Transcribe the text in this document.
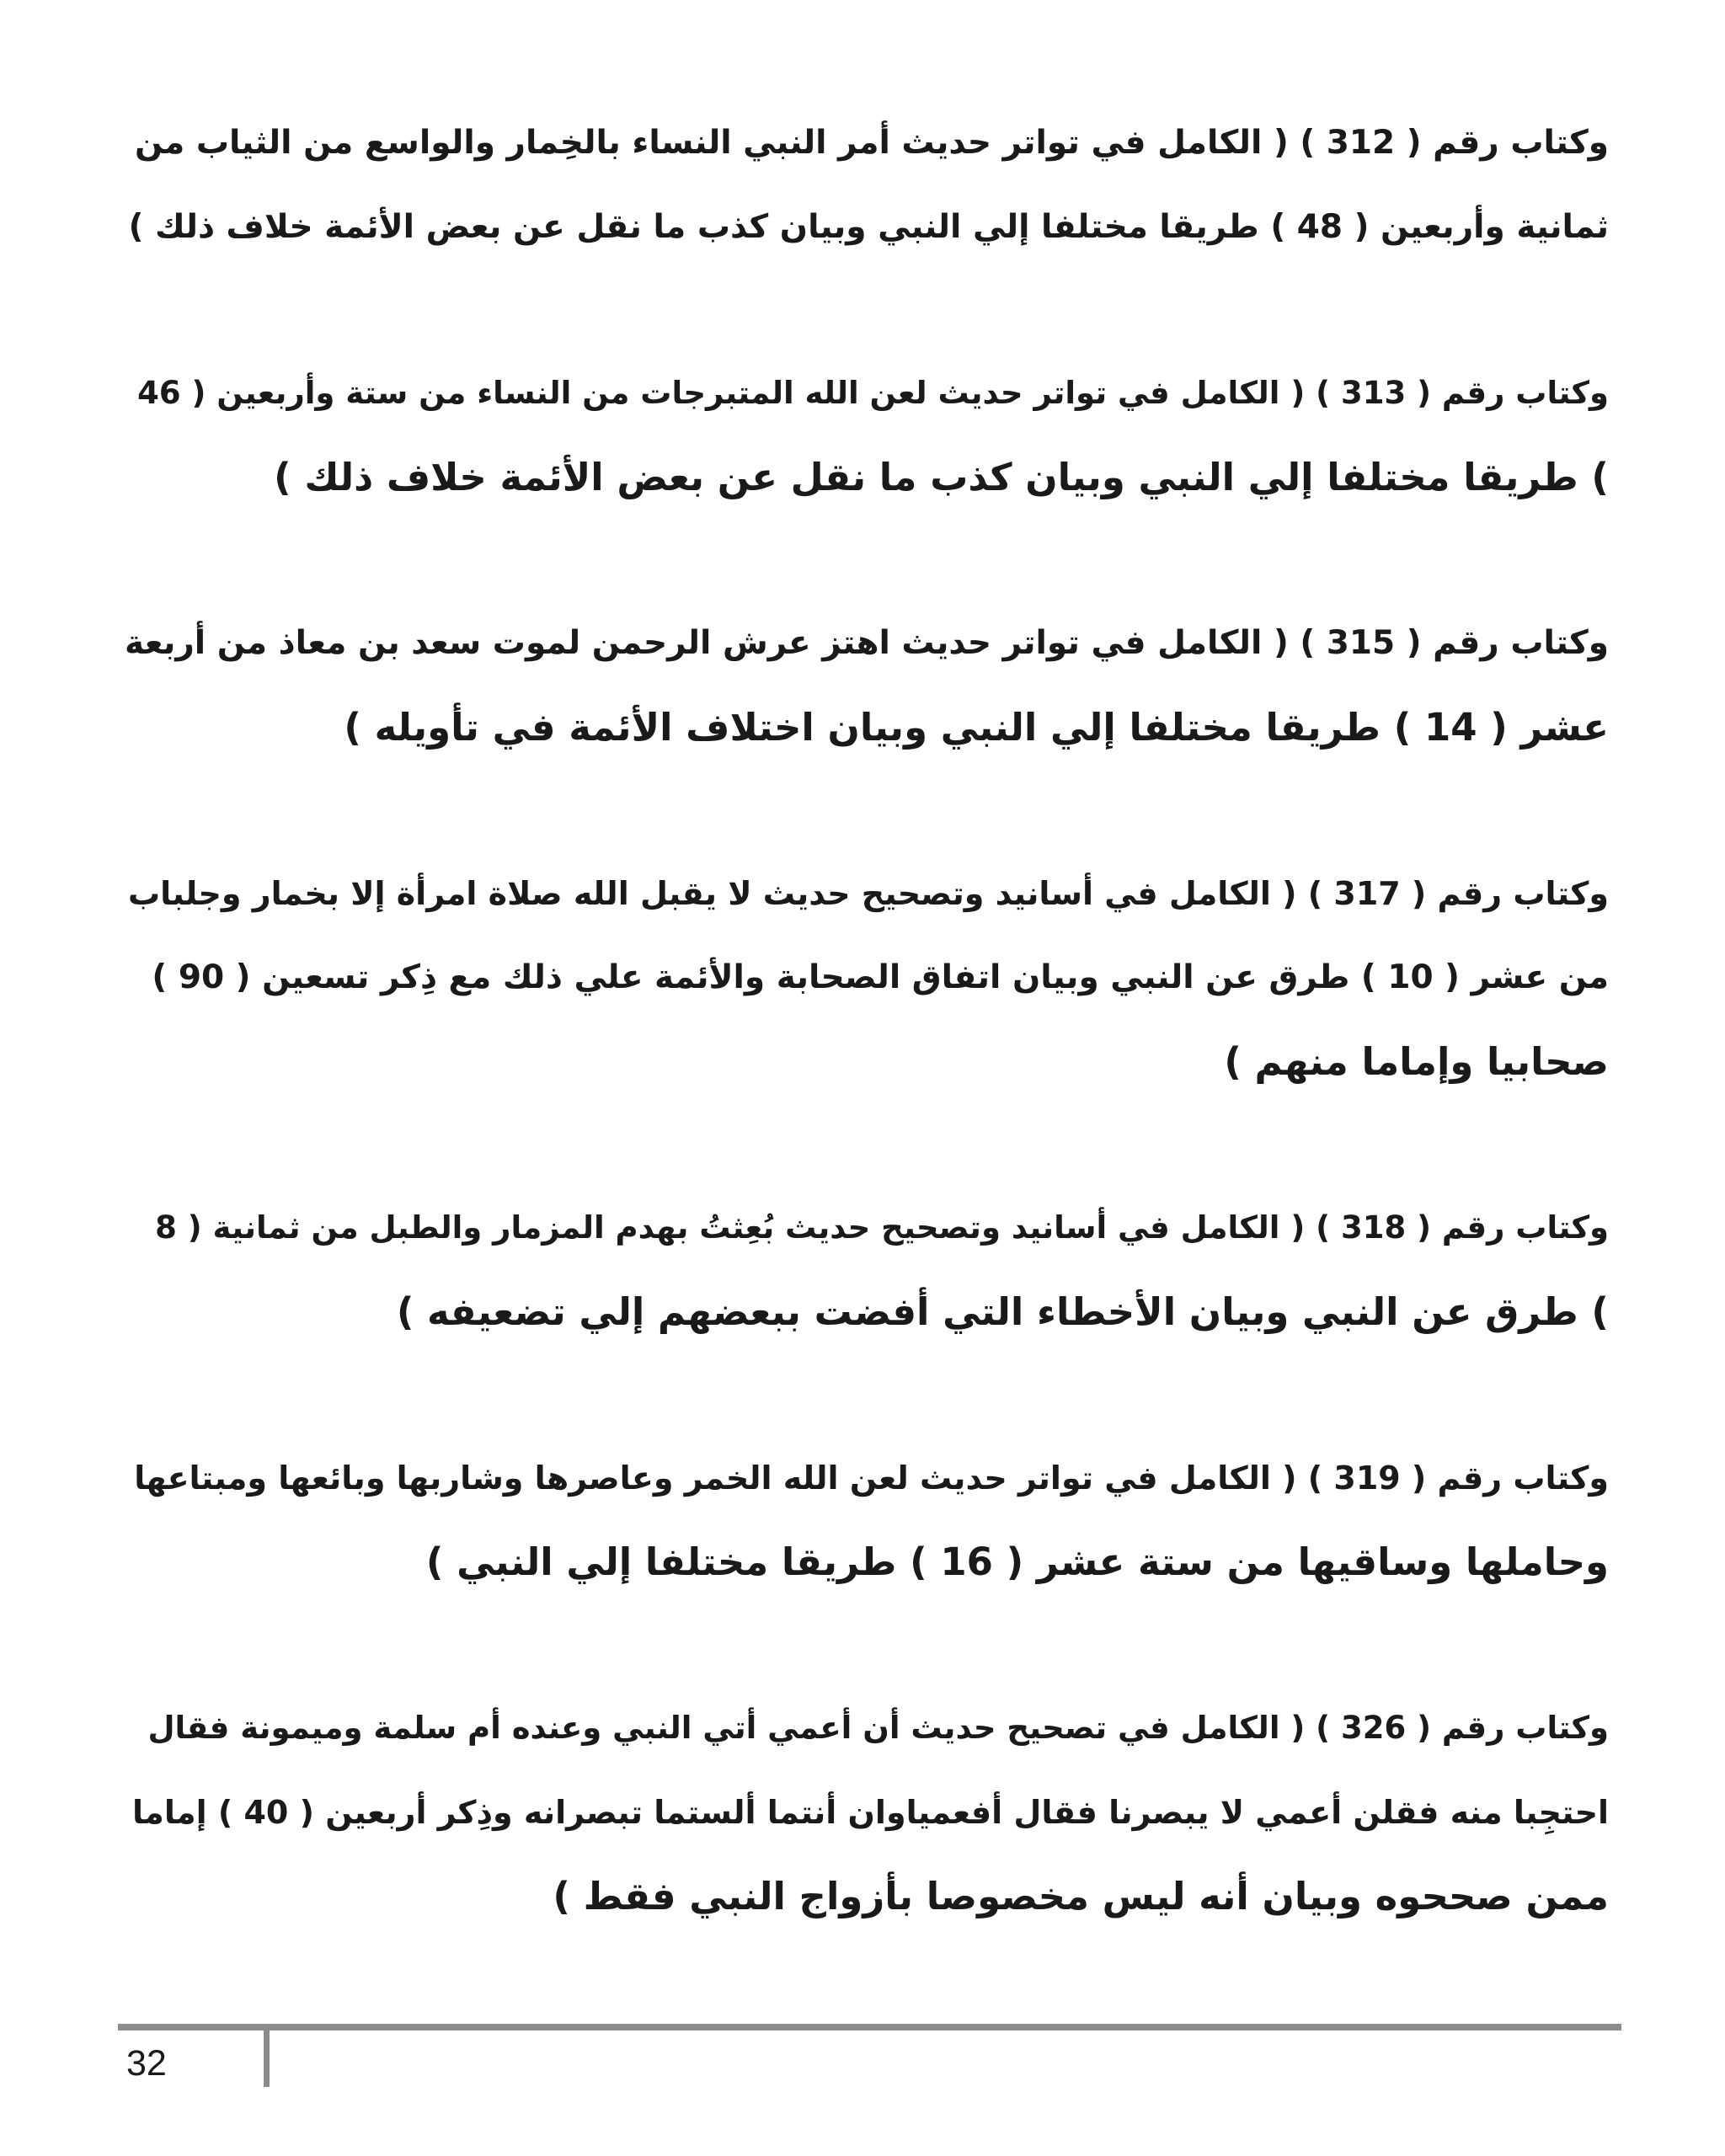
وكتاب رقم ( 312 ) ( الكامل في تواتر حديث أمر النبي النساء بالخِمار والواسع من الثياب من
ثمانية وأربعين ( 48 ) طريقا مختلفا إلي النبي وبيان كذب ما نقل عن بعض الأئمة خلاف ذلك )

وكتاب رقم ( 313 ) ( الكامل في تواتر حديث لعن الله المتبرجات من النساء من ستة وأربعين ( 46
) طريقا مختلفا إلي النبي وبيان كذب ما نقل عن بعض الأئمة خلاف ذلك )

وكتاب رقم ( 315 ) ( الكامل في تواتر حديث اهتز عرش الرحمن لموت سعد بن معاذ من أربعة
عشر ( 14 ) طريقا مختلفا إلي النبي وبيان اختلاف الأئمة في تأويله )

وكتاب رقم ( 317 ) ( الكامل في أسانيد وتصحيح حديث لا يقبل الله صلاة امرأة إلا بخمار وجلباب
من عشر ( 10 ) طرق عن النبي وبيان اتفاق الصحابة والأئمة علي ذلك مع ذِكر تسعين ( 90 )
صحابيا وإماما منهم )

وكتاب رقم ( 318 ) ( الكامل في أسانيد وتصحيح حديث بُعِثتُ بهدم المزمار والطبل من ثمانية ( 8
) طرق عن النبي وبيان الأخطاء التي أفضت ببعضهم إلي تضعيفه )

وكتاب رقم ( 319 ) ( الكامل في تواتر حديث لعن الله الخمر وعاصرها وشاربها وبائعها ومبتاعها
وحاملها وساقيها من ستة عشر ( 16 ) طريقا مختلفا إلي النبي )

وكتاب رقم ( 326 ) ( الكامل في تصحيح حديث أن أعمي أتي النبي وعنده أم سلمة وميمونة فقال
احتجِبا منه فقلن أعمي لا يبصرنا فقال أفعمياوان أنتما ألستما تبصرانه وذِكر أربعين ( 40 ) إماما
ممن صححوه وبيان أنه ليس مخصوصا بأزواج النبي فقط )

32
